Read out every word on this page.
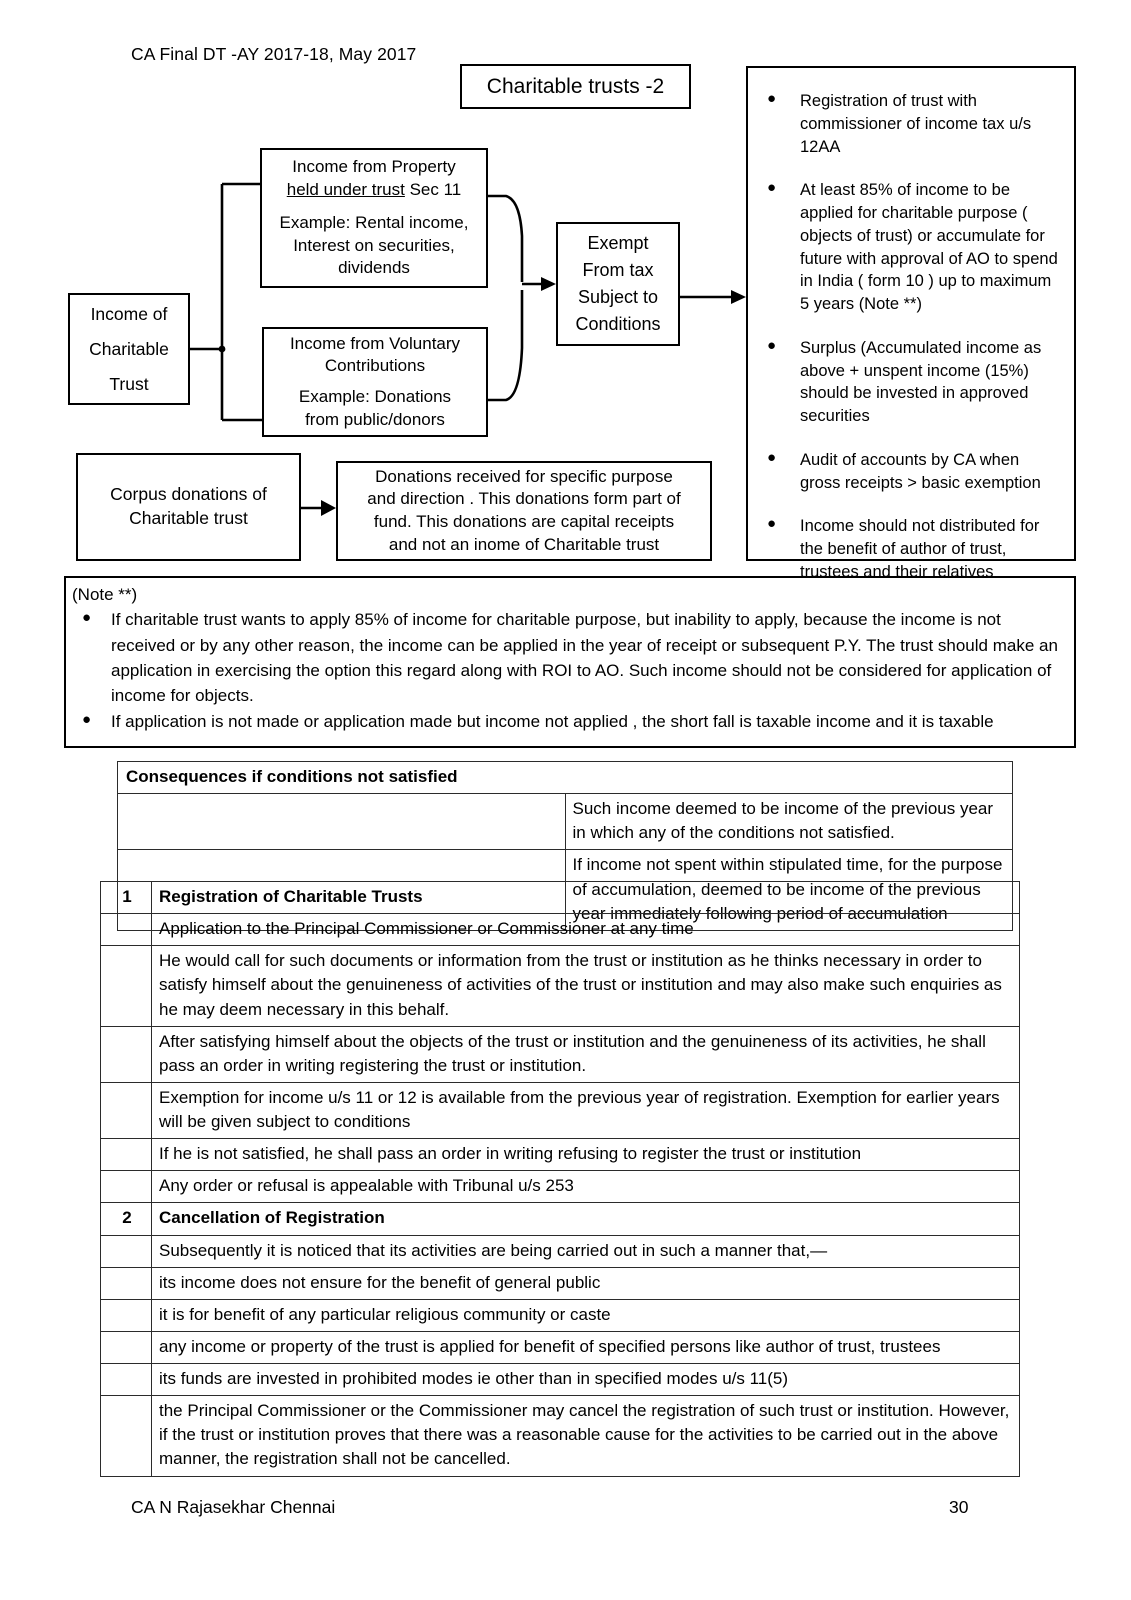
CA Final DT -AY 2017-18, May 2017
Charitable trusts -2

Income of

Charitable

Trust

Income from Property

held under trust Sec 11

Example: Rental income,

Interest on securities,

dividends

Income from Voluntary

Contributions

Example: Donations

from public/donors

Exempt

From tax

Subject to

Conditions

Corpus donations of

Charitable trust

Donations received for specific purpose

and direction . This donations form part of

fund. This donations are capital receipts

and not an inome of Charitable trust

● Registration of trust with commissioner of income tax u/s 12AA
● At least 85% of income to be applied for charitable purpose ( objects of trust) or accumulate for future with approval of AO to spend in India ( form 10 ) up to maximum 5 years (Note **)
● Surplus (Accumulated income as above + unspent income (15%) should be invested in approved securities
● Audit of accounts by CA when gross receipts > basic exemption
● Income should not distributed for the benefit of author of trust, trustees and their relatives

(Note **)

● If charitable trust wants to apply 85% of income for charitable purpose, but inability to apply, because the income is not received or by any other reason, the income can be applied in the year of receipt or subsequent P.Y. The trust should make an application in exercising the option this regard along with ROI to AO. Such income should not be considered for application of income for objects.
● If application is not made or application made but income not applied , the short fall is taxable income and it is taxable
Consequences if conditions not satisfied	
	Such income deemed to be income of the previous year in which any of the conditions not satisfied.
	If income not spent within stipulated time, for the purpose of accumulation, deemed to be income of the previous year immediately following period of accumulation
1	Registration of Charitable Trusts
	Application to the Principal Commissioner or Commissioner at any time
	He would call for such documents or information from the trust or institution as he thinks necessary in order to satisfy himself about the genuineness of activities of the trust or institution and may also make such enquiries as he may deem necessary in this behalf.
	After satisfying himself about the objects of the trust or institution and the genuineness of its activities, he shall pass an order in writing registering the trust or institution.
	Exemption for income u/s 11 or 12 is available from the previous year of registration. Exemption for earlier years will be given subject to conditions
	If he is not satisfied, he shall pass an order in writing refusing to register the trust or institution
	Any order or refusal is appealable with Tribunal u/s 253
2	Cancellation of Registration
	Subsequently it is noticed that its activities are being carried out in such a manner that,—
	its income does not ensure for the benefit of general public
	it is for benefit of any particular religious community or caste
	any income or property of the trust is applied for benefit of specified persons like author of trust, trustees
	its funds are invested in prohibited modes ie other than in specified modes u/s 11(5)
	the Principal Commissioner or the Commissioner may cancel the registration of such trust or institution. However, if the trust or institution proves that there was a reasonable cause for the activities to be carried out in the above manner, the registration shall not be cancelled.
CA N Rajasekhar Chennai	30
